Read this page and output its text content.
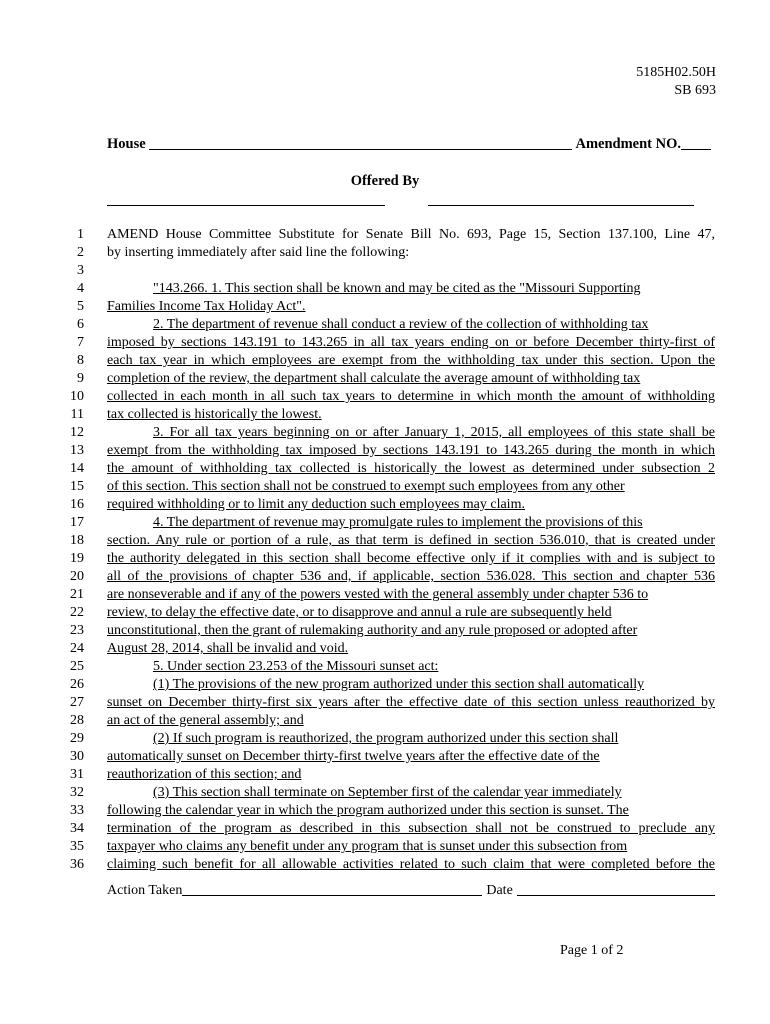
5185H02.50H
SB 693
House	Amendment NO.
Offered By
1 AMEND House Committee Substitute for Senate Bill No. 693, Page 15, Section 137.100, Line 47,
2 by inserting immediately after said line the following:
3
4	"143.266. 1. This section shall be known and may be cited as the "Missouri Supporting
5 Families Income Tax Holiday Act".
6	2. The department of revenue shall conduct a review of the collection of withholding tax
7 imposed by sections 143.191 to 143.265 in all tax years ending on or before December thirty-first of
8 each tax year in which employees are exempt from the withholding tax under this section. Upon the
9 completion of the review, the department shall calculate the average amount of withholding tax
10 collected in each month in all such tax years to determine in which month the amount of withholding
11 tax collected is historically the lowest.
12	3. For all tax years beginning on or after January 1, 2015, all employees of this state shall be
13 exempt from the withholding tax imposed by sections 143.191 to 143.265 during the month in which
14 the amount of withholding tax collected is historically the lowest as determined under subsection 2
15 of this section. This section shall not be construed to exempt such employees from any other
16 required withholding or to limit any deduction such employees may claim.
17	4. The department of revenue may promulgate rules to implement the provisions of this
18 section. Any rule or portion of a rule, as that term is defined in section 536.010, that is created under
19 the authority delegated in this section shall become effective only if it complies with and is subject to
20 all of the provisions of chapter 536 and, if applicable, section 536.028. This section and chapter 536
21 are nonseverable and if any of the powers vested with the general assembly under chapter 536 to
22 review, to delay the effective date, or to disapprove and annul a rule are subsequently held
23 unconstitutional, then the grant of rulemaking authority and any rule proposed or adopted after
24 August 28, 2014, shall be invalid and void.
25	5. Under section 23.253 of the Missouri sunset act:
26	(1) The provisions of the new program authorized under this section shall automatically
27 sunset on December thirty-first six years after the effective date of this section unless reauthorized by
28 an act of the general assembly; and
29	(2) If such program is reauthorized, the program authorized under this section shall
30 automatically sunset on December thirty-first twelve years after the effective date of the
31 reauthorization of this section; and
32	(3) This section shall terminate on September first of the calendar year immediately
33 following the calendar year in which the program authorized under this section is sunset. The
34 termination of the program as described in this subsection shall not be construed to preclude any
35 taxpayer who claims any benefit under any program that is sunset under this subsection from
36 claiming such benefit for all allowable activities related to such claim that were completed before the
Action Taken	Date
Page 1 of 2
